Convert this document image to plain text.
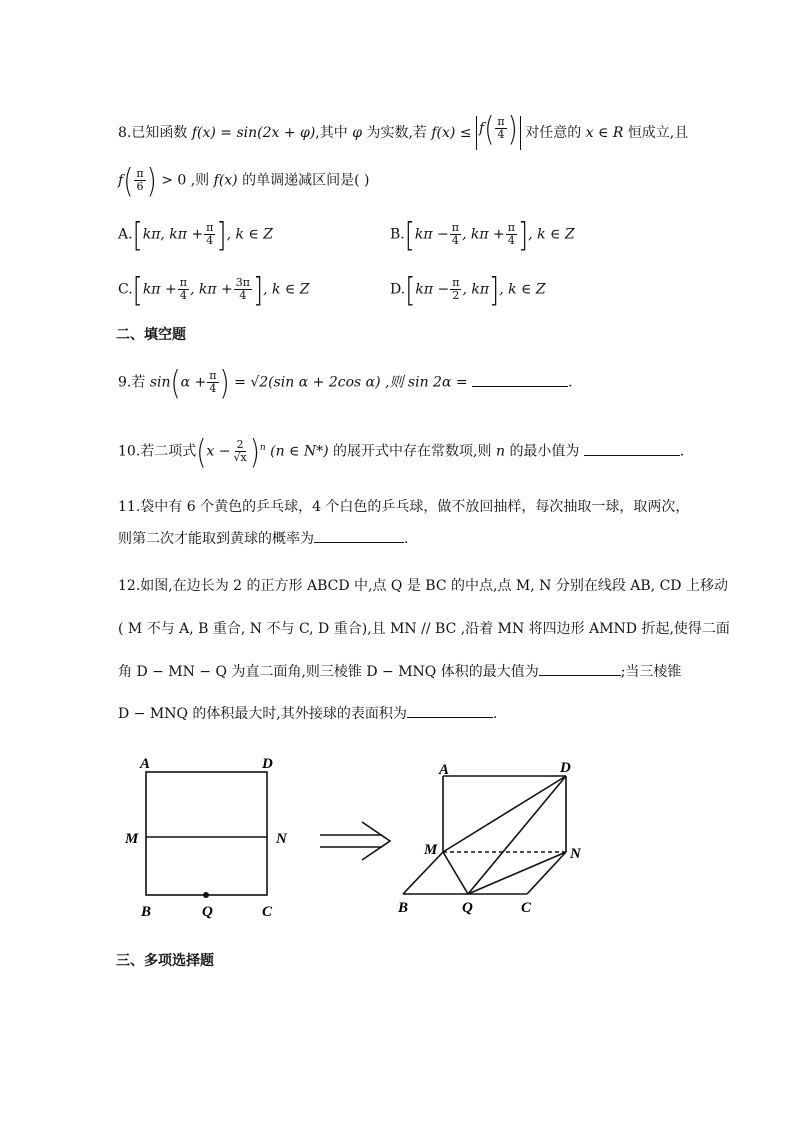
8.已知函数 f(x) = sin(2x + φ),其中 φ 为实数,若 $f(x) \le f( \frac{\pi}{4}$ ) 对任意的 x ∈ R 恒成立,且
$f( \frac{\pi}{6}$ ) > 0 ,则 f(x) 的单调递减区间是( )
A.[kπ, $k\pi + \frac{\pi}{4}$ ], k ∈ Z	$B.[k\pi - \frac{\pi}{4}$ , $k\pi + \frac{\pi}{4}$ ], k ∈ Z
$C.[k\pi + \frac{\pi}{4}$ , $k\pi + \frac{3\pi}{4}$ ], k ∈ Z	$D.[k\pi - \frac{\pi}{2}$ , kπ], k ∈ Z
二、填空题
9.若 $\sin(\alpha + \frac{\pi}{4}$ ) = √2(sin α + 2cos α) ,则 sin 2α =	.
10.若二项式$(x - \frac{2}{√x} )^n$ (n ∈ N*) 的展开式中存在常数项,则 n 的最小值为	.
11.袋中有 6 个黄色的乒乓球，4 个白色的乒乓球，做不放回抽样，每次抽取一球，取两次，
则第二次才能取到黄球的概率为	.
12.如图,在边长为 2 的正方形 ABCD 中,点 Q 是 BC 的中点,点 M, N 分别在线段 AB, CD 上移动
( M 不与 A, B 重合, N 不与 C, D 重合),且 MN // BC ,沿着 MN 将四边形 AMND 折起,使得二面
角 D − MN − Q 为直二面角,则三棱锥 D − MNQ 体积的最大值为	;当三棱锥
D − MNQ 的体积最大时,其外接球的表面积为	.
A	D
M	N
B	Q	C
A	D
M	N
B	Q	C
三、多项选择题
